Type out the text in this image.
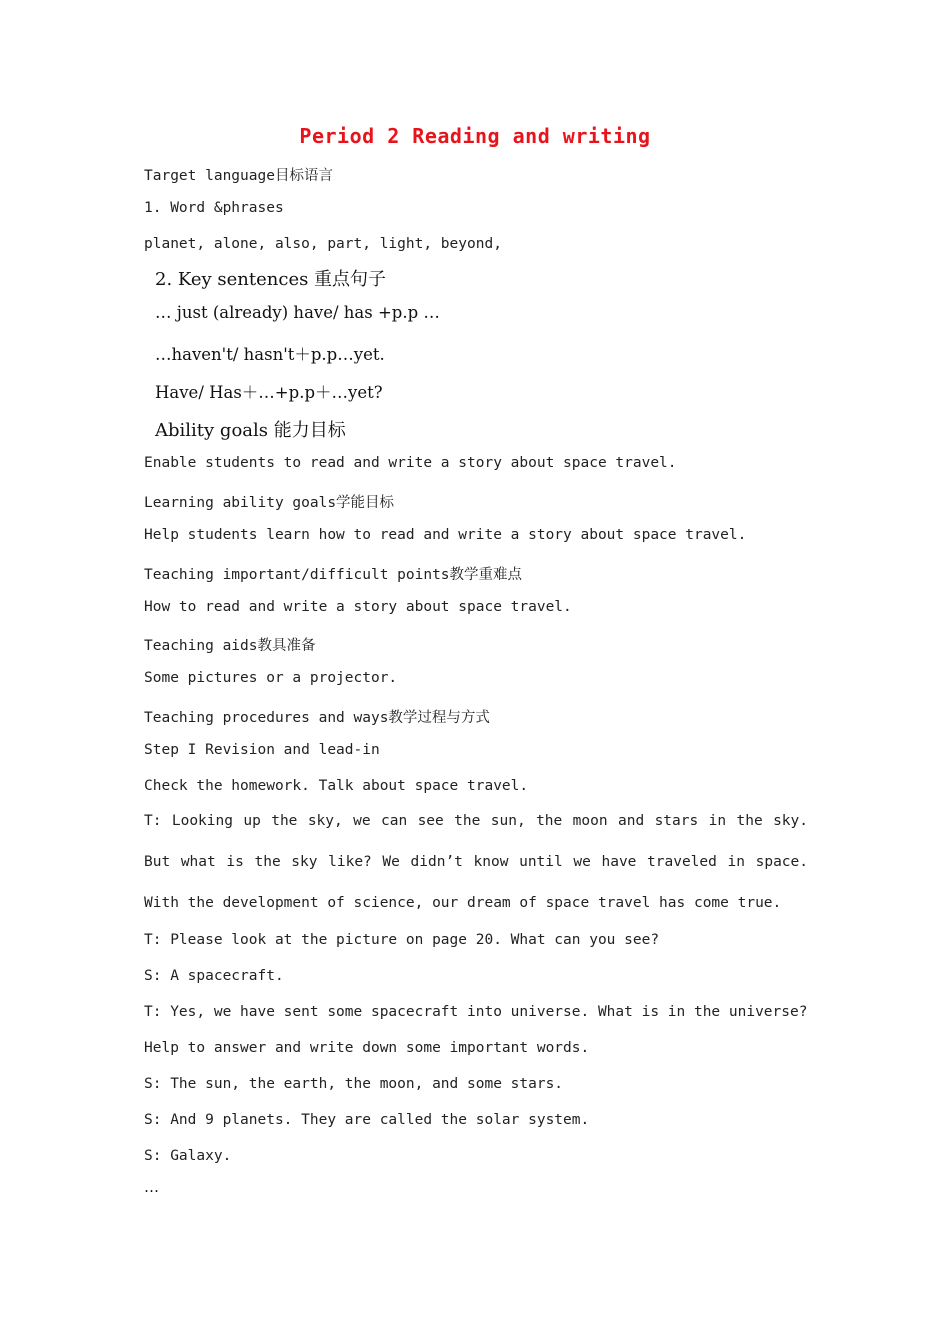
Period 2 Reading and writing
Target language目标语言
1. Word &phrases
planet, alone, also, part, light, beyond,
2. Key sentences 重点句子
… just (already) have/ has +p.p …
…haven't/ hasn't＋p.p…yet.
Have/ Has＋…+p.p＋…yet?
Ability goals 能力目标
Enable students to read and write a story about space travel.
Learning ability goals学能目标
Help students learn how to read and write a story about space travel.
Teaching important/difficult points教学重难点
How to read and write a story about space travel.
Teaching aids教具准备
Some pictures or a projector.
Teaching procedures and ways教学过程与方式
Step I Revision and lead-in
Check the homework. Talk about space travel.
T: Looking up the sky, we can see the sun, the moon and stars in the sky. But what is the sky like? We didn’t know until we have traveled in space. With the development of science, our dream of space travel has come true.
T: Please look at the picture on page 20. What can you see?
S: A spacecraft.
T: Yes, we have sent some spacecraft into universe. What is in the universe?
Help to answer and write down some important words.
S: The sun, the earth, the moon, and some stars.
S: And 9 planets. They are called the solar system.
S: Galaxy.
…
